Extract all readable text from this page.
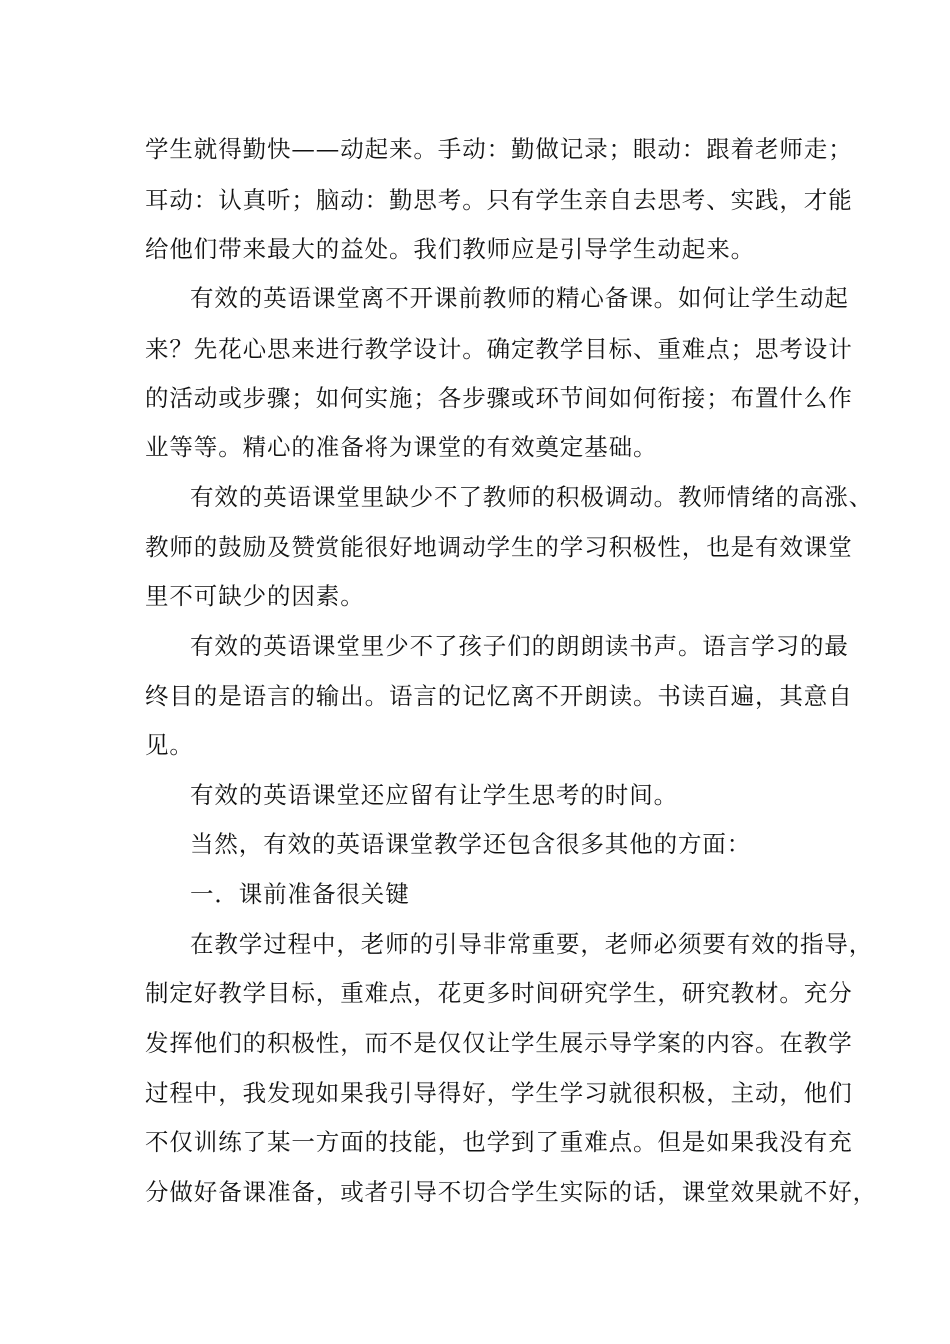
学生就得勤快——动起来。手动：勤做记录；眼动：跟着老师走；
耳动：认真听；脑动：勤思考。只有学生亲自去思考、实践，才能
给他们带来最大的益处。我们教师应是引导学生动起来。
有效的英语课堂离不开课前教师的精心备课。如何让学生动起
来？先花心思来进行教学设计。确定教学目标、重难点；思考设计
的活动或步骤；如何实施；各步骤或环节间如何衔接；布置什么作
业等等。精心的准备将为课堂的有效奠定基础。
有效的英语课堂里缺少不了教师的积极调动。教师情绪的高涨、
教师的鼓励及赞赏能很好地调动学生的学习积极性，也是有效课堂
里不可缺少的因素。
有效的英语课堂里少不了孩子们的朗朗读书声。语言学习的最
终目的是语言的输出。语言的记忆离不开朗读。书读百遍，其意自
见。
有效的英语课堂还应留有让学生思考的时间。
当然，有效的英语课堂教学还包含很多其他的方面：
一．课前准备很关键
在教学过程中，老师的引导非常重要，老师必须要有效的指导，
制定好教学目标，重难点，花更多时间研究学生，研究教材。充分
发挥他们的积极性，而不是仅仅让学生展示导学案的内容。在教学
过程中，我发现如果我引导得好，学生学习就很积极，主动，他们
不仅训练了某一方面的技能，也学到了重难点。但是如果我没有充
分做好备课准备，或者引导不切合学生实际的话，课堂效果就不好，
